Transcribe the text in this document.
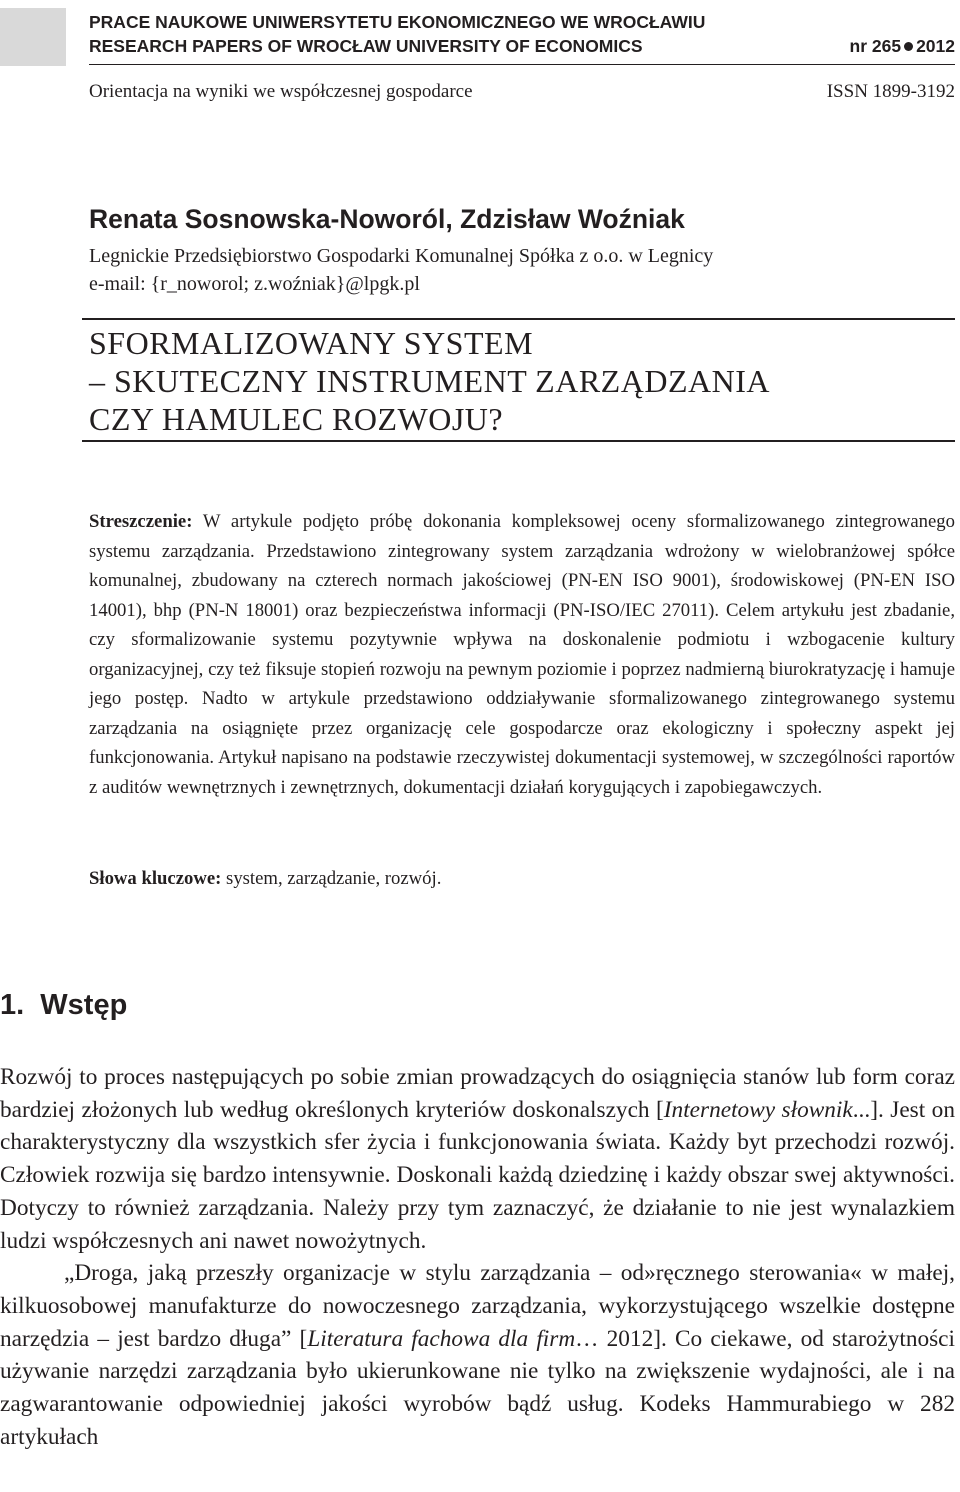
PRACE NAUKOWE UNIWERSYTETU EKONOMICZNEGO WE WROCŁAWIU
RESEARCH PAPERS OF WROCŁAW UNIVERSITY OF ECONOMICS	nr 265 2012
Orientacja na wyniki we współczesnej gospodarce	ISSN 1899-3192
Renata Sosnowska-Noworól, Zdzisław Woźniak
Legnickie Przedsiębiorstwo Gospodarki Komunalnej Spółka z o.o. w Legnicy
e-mail: {r_noworol; z.woźniak}@lpgk.pl
SFORMALIZOWANY SYSTEM
– SKUTECZNY INSTRUMENT ZARZĄDZANIA
CZY HAMULEC ROZWOJU?
Streszczenie: W artykule podjęto próbę dokonania kompleksowej oceny sformalizowanego zintegrowanego systemu zarządzania. Przedstawiono zintegrowany system zarządzania wdrożony w wielobranżowej spółce komunalnej, zbudowany na czterech normach jakościowej (PN-EN ISO 9001), środowiskowej (PN-EN ISO 14001), bhp (PN-N 18001) oraz bezpieczeństwa informacji (PN-ISO/IEC 27011). Celem artykułu jest zbadanie, czy sformalizowanie systemu pozytywnie wpływa na doskonalenie podmiotu i wzbogacenie kultury organizacyjnej, czy też fiksuje stopień rozwoju na pewnym poziomie i poprzez nadmierną biurokratyzację i hamuje jego postęp. Nadto w artykule przedstawiono oddziaływanie sformalizowanego zintegrowanego systemu zarządzania na osiągnięte przez organizację cele gospodarcze oraz ekologiczny i społeczny aspekt jej funkcjonowania. Artykuł napisano na podstawie rzeczywistej dokumentacji systemowej, w szczególności raportów z auditów wewnętrznych i zewnętrznych, dokumentacji działań korygujących i zapobiegawczych.
Słowa kluczowe: system, zarządzanie, rozwój.
1.  Wstęp

Rozwój to proces następujących po sobie zmian prowadzących do osiągnięcia stanów lub form coraz bardziej złożonych lub według określonych kryteriów doskonalszych [Internetowy słownik...]. Jest on charakterystyczny dla wszystkich sfer życia i funkcjonowania świata. Każdy byt przechodzi rozwój. Człowiek rozwija się bardzo intensywnie. Doskonali każdą dziedzinę i każdy obszar swej aktywności. Dotyczy to również zarządzania. Należy przy tym zaznaczyć, że działanie to nie jest wynalazkiem ludzi współczesnych ani nawet nowożytnych.

„Droga, jaką przeszły organizacje w stylu zarządzania – od»ręcznego sterowania« w małej, kilkuosobowej manufakturze do nowoczesnego zarządzania, wykorzystującego wszelkie dostępne narzędzia – jest bardzo długa” [Literatura fachowa dla firm… 2012]. Co ciekawe, od starożytności używanie narzędzi zarządzania było ukierunkowane nie tylko na zwiększenie wydajności, ale i na zagwarantowanie odpowiedniej jakości wyrobów bądź usług. Kodeks Hammurabiego w 282 artykułach
